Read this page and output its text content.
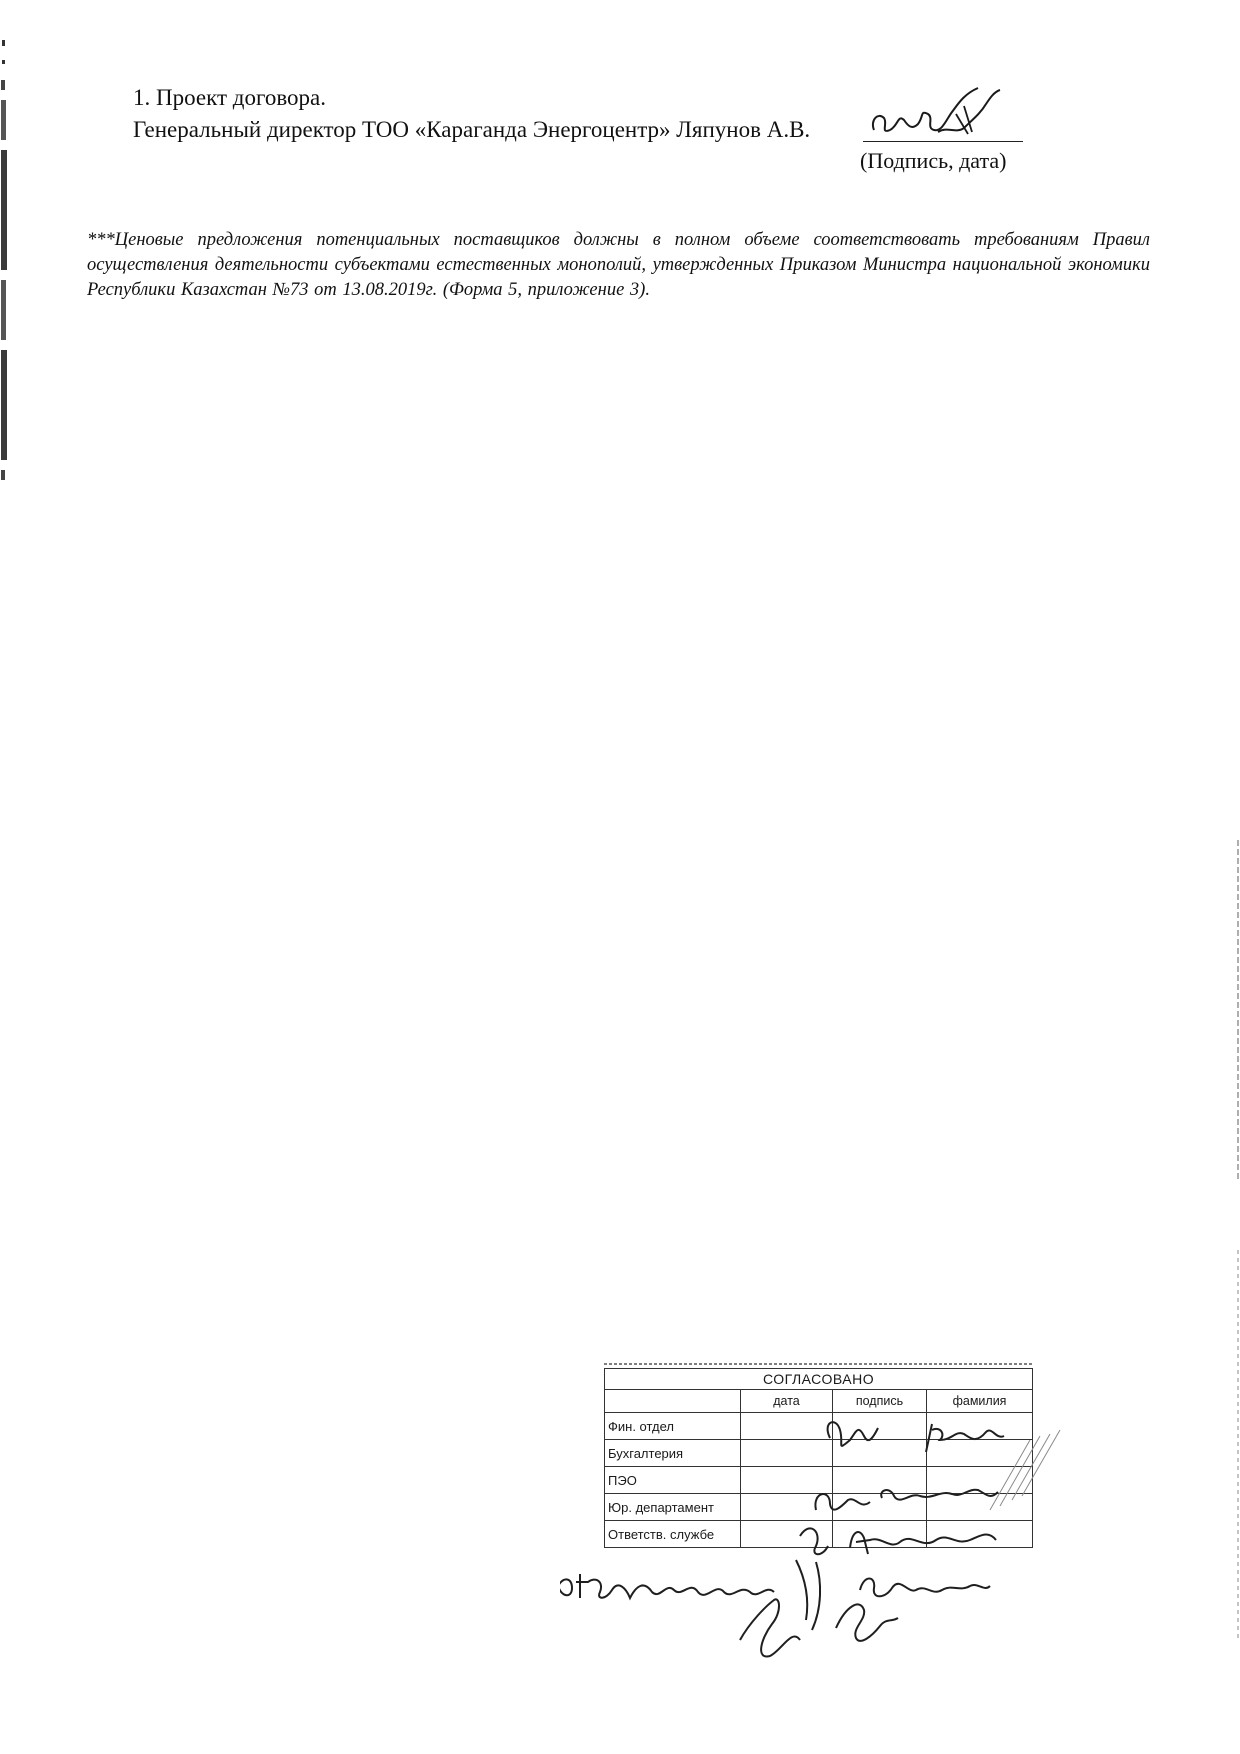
1. Проект договора.
Генеральный директор ТОО «Караганда Энергоцентр» Ляпунов А.В.
(Подпись, дата)
***Ценовые предложения потенциальных поставщиков должны в полном объеме соответствовать требованиям Правил осуществления деятельности субъектами естественных монополий, утвержденных Приказом Министра национальной экономики Республики Казахстан №73 от 13.08.2019г. (Форма 5, приложение 3).
СОГЛАСОВАНО			
	дата	подпись	фамилия
Фин. отдел			
Бухгалтерия			
ПЭО			
Юр. департамент			
Ответств. службе			
